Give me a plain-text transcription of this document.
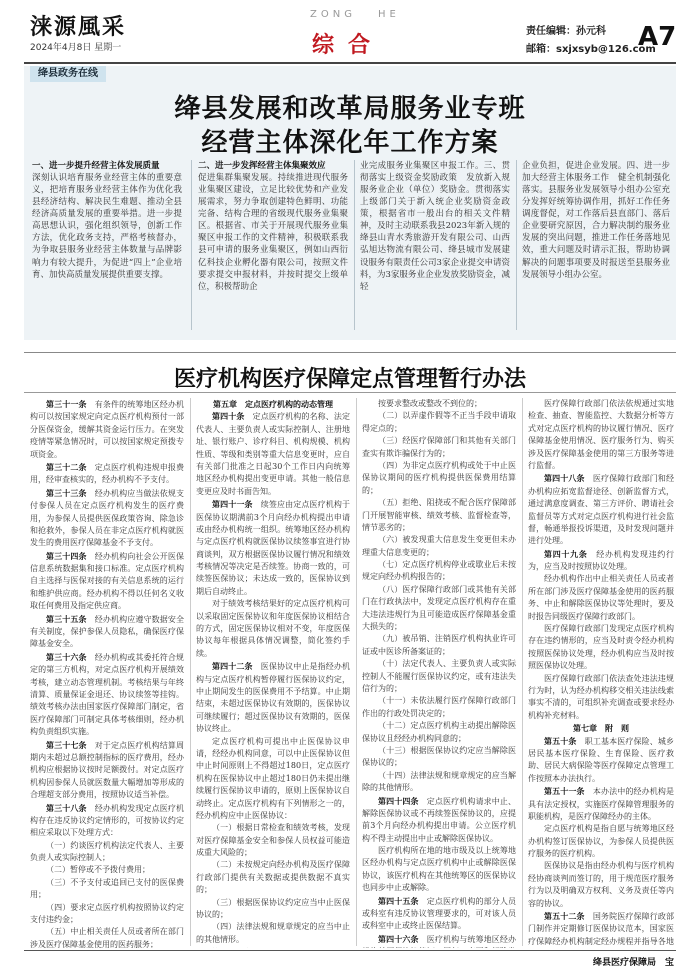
涞源風采
2024年4月8日 星期一
ZONG HE
综合
责任编辑：孙元科
邮箱：sxjxsyb@126.com
A7
绛县政务在线
绛县发展和改革局服务业专班
经营主体深化年工作方案
一、进一步提升经营主体发展质量
深刻认识培育服务业经营主体的重要意义，把培育服务业经营主体作为优化我县经济结构、解决民生难题、推动全县经济高质量发展的重要举措。进一步提高思想认识，强化组织领导，创新工作方法，优化政务支持，严格考核督办，为争取县服务业经营主体数量与品牌影响力有较大提升，为促进“四上”企业培育、加快高质量发展提供重要支撑。
二、进一步发挥经营主体集聚效应
促进集群集聚发展。持续推进现代服务业集聚区建设，立足比较优势和产业发展需求，努力争取创建特色鲜明、功能完备、结构合理的省级现代服务业集聚区。根据省、市关于开展现代服务业集聚区申报工作的文件精神，积极联系我县可申请的服务业集聚区，例如山西衍亿科技企业孵化器有限公司，按照文件要求提交申报材料，并按时提交上级单位，积极帮助企
业完成服务业集聚区申报工作。三、贯彻落实上级资金奖励政策　发放新入规服务业企业（单位）奖励金。贯彻落实上级部门关于新入统企业奖励资金政策，根据省市一般出台的相关文件精神，及时主动联系我县2023年新入规的绛县山青水秀旅游开发有限公司、山西弘旭达物流有限公司、绛县城市发展建设服务有限责任公司3家企业提交申请资料，为3家服务业企业发放奖励资金，减轻
企业负担，促进企业发展。四、进一步加大经营主体服务工作　健全机制强化落实。县服务业发展领导小组办公室充分发挥好统筹协调作用，抓好工作任务调度督促，对工作落后县直部门、落后企业要研究原因，合力解决制约服务业发展的突出问题，推进工作任务落地见效，重大问题及时请示汇报，帮助协调解决的问题事项要及时报送至县服务业发展领导小组办公室。
医疗机构医疗保障定点管理暂行办法

第三十一条　 有条件的统筹地区经办机构可以按国家规定向定点医疗机构预付一部分医保资金，缓解其资金运行压力。在突发疫情等紧急情况时，可以按国家规定预拨专项资金。

第三十二条　 定点医疗机构违规申报费用，经审查核实的，经办机构不予支付。

第三十三条　 经办机构应当做法依规支付参保人员在定点医疗机构发生的医疗费用，为参保人员提供医保政策咨询、除急诊和抢救外，参保人员在非定点医疗机构就医发生的费用医疗保障基金不予支付。

第三十四条　 经办机构向社会公开医保信息系统数据集和接口标准。定点医疗机构自主选择与医保对接的有关信息系统的运行和维护供应商。经办机构不得以任何名义收取任何费用及指定供应商。

第三十五条　 经办机构应遵守数据安全有关制度，保护参保人员隐私，确保医疗保障基金安全。

第三十六条　 经办机构或其委托符合规定的第三方机构，对定点医疗机构开展绩效考核，建立动态管理机制。考核结果与年终清算、质量保证金退还、协议续签等挂钩。绩效考核办法由国家医疗保障部门制定，省医疗保障部门可制定具体考核细则，经办机构负责组织实施。

第三十七条　 对于定点医疗机构结算周期内未超过总额控制指标的医疗费用，经办机构应根据协议按时足额拨付。对定点医疗机构因参保人员就医数量大幅增加等形成的合理超支部分费用，按照协议适当补偿。

第三十八条　 经办机构发现定点医疗机构存在违反协议约定情形的，可按协议约定相应采取以下处理方式：

（一）约谈医疗机构法定代表人、主要负责人或实际控制人；

（二）暂停或不予拨付费用；

（三）不予支付或追回已支付的医保费用；

（四）要求定点医疗机构按照协议约定支付违约金；

（五）中止相关责任人员或者所在部门涉及医疗保障基金使用的医药服务；

第五章　定点医疗机构的动态管理

第四十条　 定点医疗机构的名称、法定代表人、主要负责人或实际控制人、注册地址、银行账户、诊疗科目、机构规模、机构性质、等级和类别等重大信息变更时，应自有关部门批准之日起30个工作日内向统筹地区经办机构提出变更申请。其他一般信息变更应及时书面告知。

第四十一条　 续签应由定点医疗机构于医保协议期满前3个月向经办机构提出申请或由经办机构统一组织。统筹地区经办机构与定点医疗机构就医保协议续签事宜进行协商谈判，双方根据医保协议履行情况和绩效考核情况等决定是否续签。协商一致的，可续签医保协议；未达成一致的，医保协议到期后自动终止。

对于绩效考核结果好的定点医疗机构可以采取固定医保协议和年度医保协议相结合的方式，固定医保协议相对不变，年度医保协议每年根据具体情况调整，简化签约手续。

第四十二条　 医保协议中止是指经办机构与定点医疗机构暂停履行医保协议约定，中止期间发生的医保费用不予结算。中止期结束，未超过医保协议有效期的，医保协议可继续履行；超过医保协议有效期的，医保协议终止。

定点医疗机构可提出中止医保协议申请，经经办机构同意，可以中止医保协议但中止时间原则上不得超过180日，定点医疗机构在医保协议中止超过180日仍未提出继续履行医保协议申请的，原则上医保协议自动终止。定点医疗机构有下列情形之一的，经办机构应中止医保协议：

（一）根据日常检查和绩效考核，发现对医疗保障基金安全和参保人员权益可能造成重大风险的；

（二）未按规定向经办机构及医疗保障行政部门提供有关数据或提供数据不真实的；

（三）根据医保协议约定应当中止医保协议的；

（四）法律法规和规章规定的应当中止的其他情形。

按要求整改或整改不到位的；

（二）以弄虚作假等不正当手段申请取得定点的；

（三）经医疗保障部门和其他有关部门查实有欺诈骗保行为的；

（四）为非定点医疗机构或处于中止医保协议期间的医疗机构提供医保费用结算的；

（五）拒绝、阻挠或不配合医疗保障部门开展智能审核、绩效考核、监督检查等，情节恶劣的；

（六）被发现重大信息发生变更但未办理重大信息变更的；

（七）定点医疗机构停业或歇业后未按规定向经办机构报告的；

（八）医疗保障行政部门或其他有关部门在行政执法中，发现定点医疗机构存在重大违法违规行为且可能造成医疗保障基金重大损失的；

（九）被吊销、注销医疗机构执业许可证或中医诊所备案证的；

（十）法定代表人、主要负责人或实际控制人不能履行医保协议约定，或有违法失信行为的；

（十一）未依法履行医疗保障行政部门作出的行政处罚决定的；

（十二）定点医疗机构主动提出解除医保协议且经经办机构同意的；

（十三）根据医保协议约定应当解除医保协议的；

（十四）法律法规和规章规定的应当解除的其他情形。

第四十四条　 定点医疗机构请求中止、解除医保协议或不再续签医保协议的，应提前3个月向经办机构提出申请。公立医疗机构不得主动提出中止或解除医保协议。

医疗机构所在地的地市级及以上统筹地区经办机构与定点医疗机构中止或解除医保协议，该医疗机构在其他统筹区的医保协议也同步中止或解除。

第四十五条　 定点医疗机构的部分人员或科室有违反协议管理要求的，可对该人员或科室中止或终止医保结算。

第四十六条　 医疗机构与统筹地区经办

医疗保障行政部门依法依规通过实地检查、抽查、智能监控、大数据分析等方式对定点医疗机构的协议履行情况、医疗保障基金使用情况、医疗服务行为、购买涉及医疗保障基金使用的第三方服务等进行监督。

第四十八条　 医疗保障行政部门和经办机构应拓宽监督途径、创新监督方式，通过满意度调查、第三方评价、聘请社会监督员等方式对定点医疗机构进行社会监督，畅通举报投诉渠道，及时发现问题并进行处理。

第四十九条　 经办机构发现违约行为，应当及时按照协议处理。

经办机构作出中止相关责任人员或者所在部门涉及医疗保障基金使用的医药服务、中止和解除医保协议等处理时，要及时报告同级医疗保障行政部门。

医疗保障行政部门发现定点医疗机构存在违约情形的，应当及时责令经办机构按照医保协议处理，经办机构应当及时按照医保协议处理。

医疗保障行政部门依法查处违法违规行为时，认为经办机构移交相关违法线索事实不清的，可组织补充调查或要求经办机构补充材料。

第七章　附　则

第五十条　 职工基本医疗保险、城乡居民基本医疗保险、生育保险、医疗救助、居民大病保险等医疗保障定点管理工作按照本办法执行。

第五十一条　 本办法中的经办机构是具有法定授权，实施医疗保障管理服务的职能机构，是医疗保障经办的主体。

定点医疗机构是指自愿与统筹地区经办机构签订医保协议，为参保人员提供医疗服务的医疗机构。

医保协议是指由经办机构与医疗机构经协商谈判而签订的，用于规范医疗服务行为以及明确双方权利、义务及责任等内容的协议。

第五十二条　 国务院医疗保障行政部门制作并定期修订医保协议范本，国家医疗保障经办机构制定经办规程并指导各地

绛县医疗保障局　宝
